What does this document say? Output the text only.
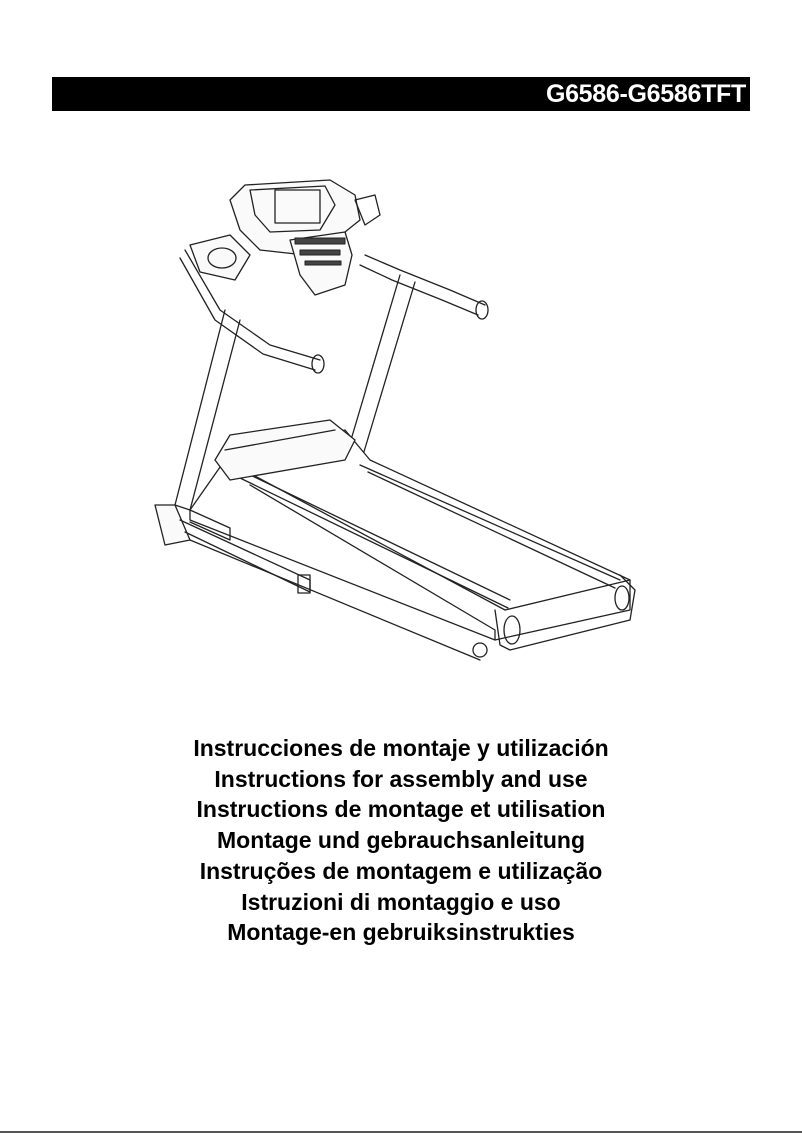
G6586-G6586TFT
Instrucciones de montaje y utilización
Instructions for assembly and use
Instructions de montage et utilisation
Montage und gebrauchsanleitung
Instruções de montagem e utilização
Istruzioni di montaggio e uso
Montage-en gebruiksinstrukties
